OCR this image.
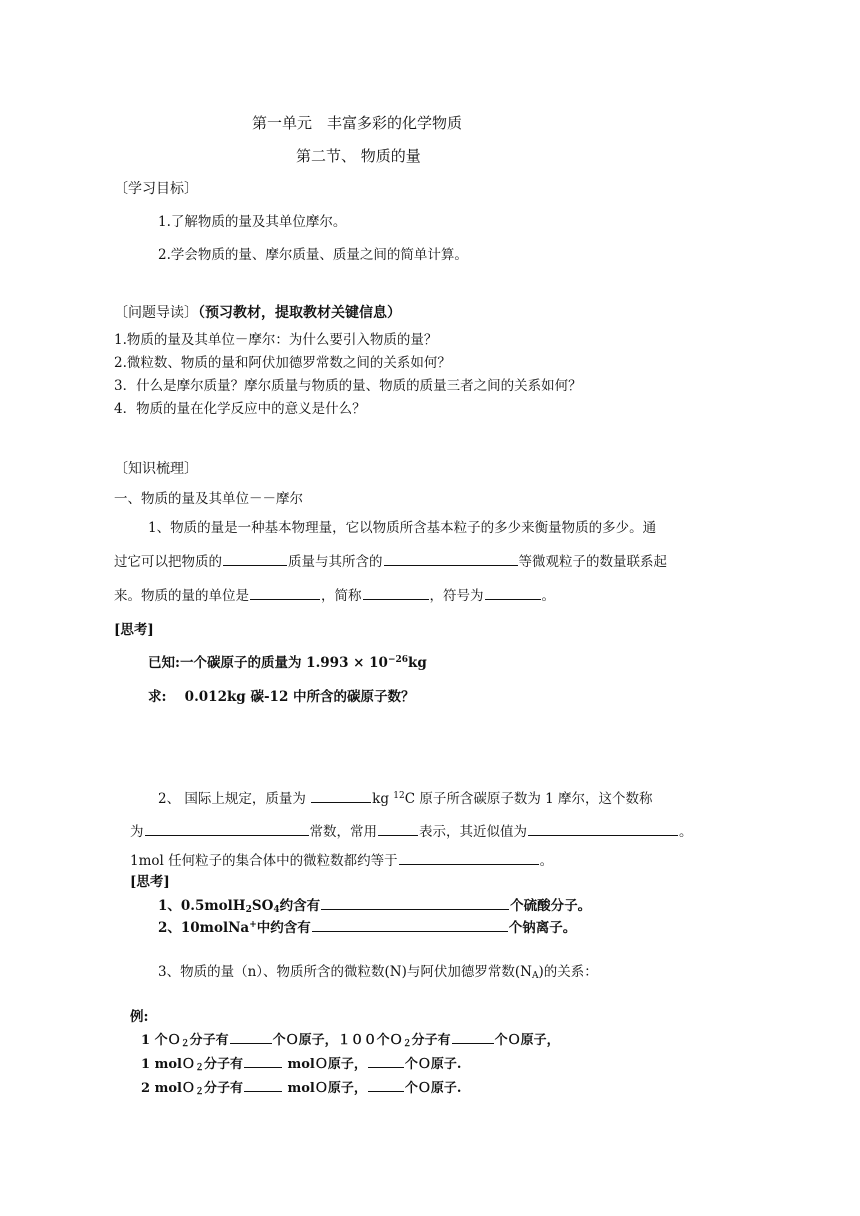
第一单元　丰富多彩的化学物质
第二节、 物质的量
〔学习目标〕
1.了解物质的量及其单位摩尔。
2.学会物质的量、摩尔质量、质量之间的简单计算。
〔问题导读〕（预习教材，提取教材关键信息）
1.物质的量及其单位－摩尔：为什么要引入物质的量？
2.微粒数、物质的量和阿伏加德罗常数之间的关系如何？
3．什么是摩尔质量？摩尔质量与物质的量、物质的质量三者之间的关系如何？
4．物质的量在化学反应中的意义是什么？
〔知识梳理〕
一、物质的量及其单位－－摩尔
1、物质的量是一种基本物理量，它以物质所含基本粒子的多少来衡量物质的多少。通
过它可以把物质的	质量与其所含的	等微观粒子的数量联系起
来。物质的量的单位是	，简称	，符号为	。
[思考]
已知:一个碳原子的质量为 $1.993 \times 10^{-26}kg$
求:　 0.012kg 碳-12 中所含的碳原子数？
2、 国际上规定，质量为	kg $^{12}$C 原子所含碳原子数为 1 摩尔，这个数称
为	常数，常用	表示，其近似值为	。
1mol 任何粒子的集合体中的微粒数都约等于	。
[思考]
1、$0.5molH_2SO_4$约含有	个硫酸分子。
2、10molNa+中约含有	个钠离子。
3、物质的量（n）、物质所含的微粒数(N)与阿伏加德罗常数$(N_A)$的关系：
例:
1 个Ｏ$_2$分子有	个Ｏ原子，１００个Ｏ$_2$分子有	个Ｏ原子，
1 molＯ$_2$分子有	molＯ原子，	个Ｏ原子.
2 molＯ$_2$分子有	molＯ原子，	个Ｏ原子.
